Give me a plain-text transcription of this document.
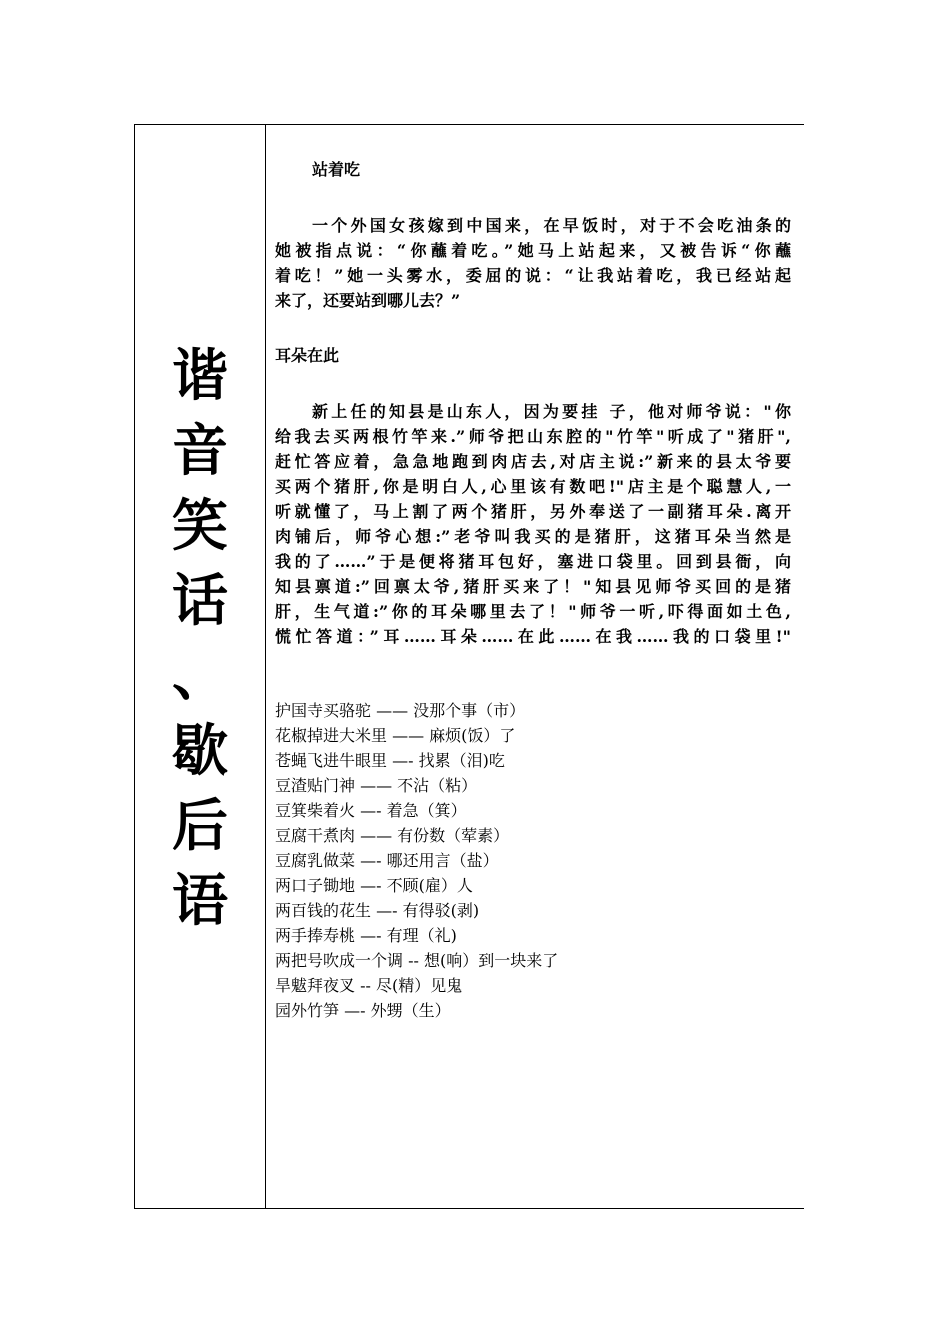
谐
音
笑
话
、
歇
后
语
站着吃
一个外国女孩嫁到中国来，在早饭时，对于不会吃油条的
她被指点说：“你蘸着吃。”她马上站起来，又被告诉“你蘸
着吃！”她一头雾水，委屈的说：“让我站着吃，我已经站起
来了，还要站到哪儿去？”
耳朵在此
新上任的知县是山东人，因为要挂 子，他对师爷说："你
给我去买两根竹竿来.”师爷把山东腔的"竹竿"听成了"猪肝",
赶忙答应着，急急地跑到肉店去,对店主说:”新来的县太爷要
买两个猪肝,你是明白人,心里该有数吧!"店主是个聪慧人,一
听就懂了，马上割了两个猪肝，另外奉送了一副猪耳朵.离开
肉铺后，师爷心想:”老爷叫我买的是猪肝，这猪耳朵当然是
我的了……”于是便将猪耳包好，塞进口袋里。回到县衙，向
知县禀道:”回禀太爷,猪肝买来了！"知县见师爷买回的是猪
肝，生气道:”你的耳朵哪里去了！"师爷一听,吓得面如土色,
慌忙答道：”耳……耳朵……在此……在我……我的口袋里!"
护国寺买骆驼 —— 没那个事（市）
花椒掉进大米里 —— 麻烦(饭）了
苍蝇飞进牛眼里 —- 找累（泪)吃
豆渣贴门神 —— 不沾（粘）
豆箕柴着火 —- 着急（箕）
豆腐干煮肉 —— 有份数（荤素）
豆腐乳做菜 —- 哪还用言（盐）
两口子锄地 —- 不顾(雇）人
两百钱的花生 —- 有得驳(剥)
两手捧寿桃 —- 有理（礼)
两把号吹成一个调 -- 想(响）到一块来了
旱魃拜夜叉 -- 尽(精）见鬼
园外竹笋 —- 外甥（生）
